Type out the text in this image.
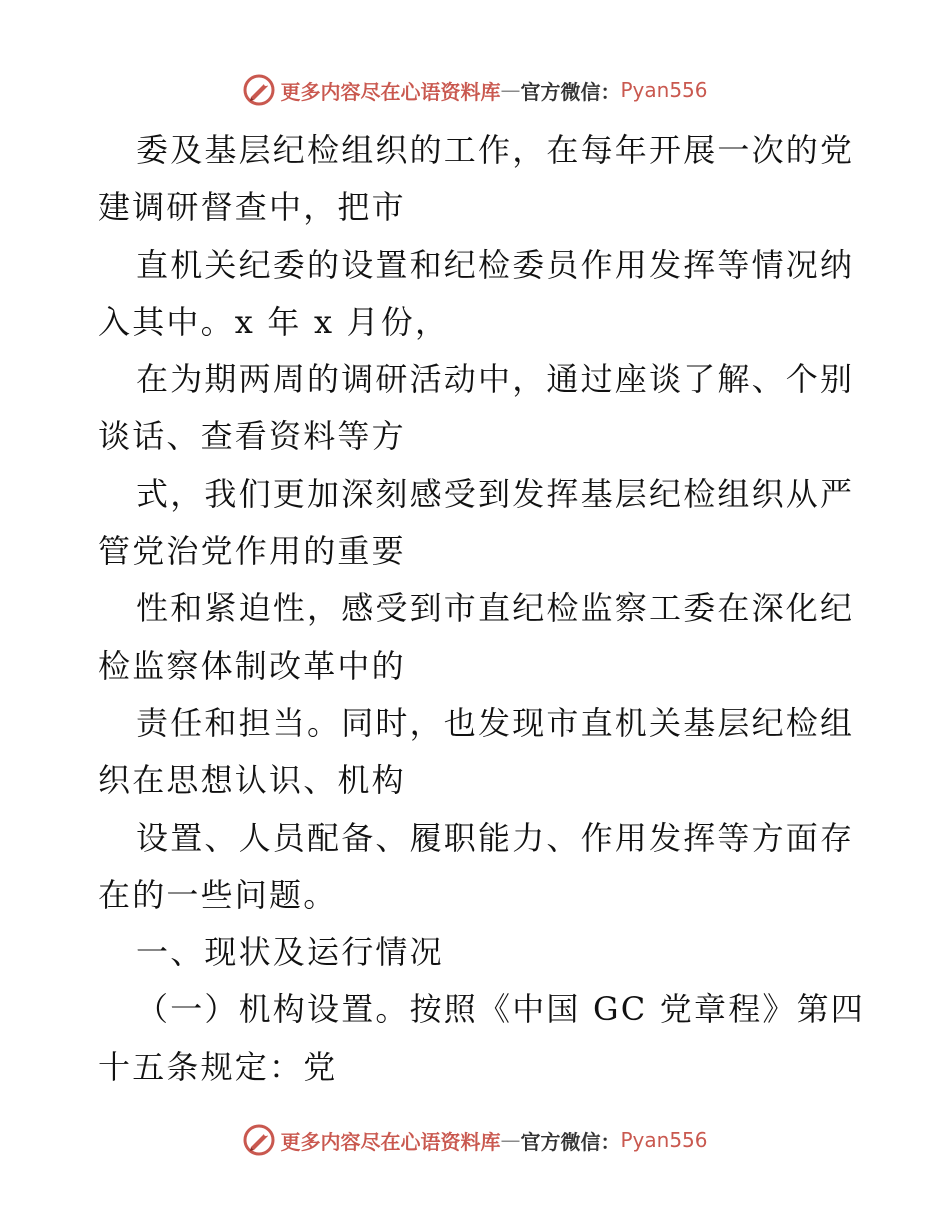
更多内容尽在心语资料库 — 官方微信： Pyan556
委及基层纪检组织的工作，在每年开展一次的党
建调研督查中，把市
直机关纪委的设置和纪检委员作用发挥等情况纳
入其中。x 年 x 月份，
在为期两周的调研活动中，通过座谈了解、个别
谈话、查看资料等方
式，我们更加深刻感受到发挥基层纪检组织从严
管党治党作用的重要
性和紧迫性，感受到市直纪检监察工委在深化纪
检监察体制改革中的
责任和担当。同时，也发现市直机关基层纪检组
织在思想认识、机构
设置、人员配备、履职能力、作用发挥等方面存
在的一些问题。
一、现状及运行情况
（一）机构设置。按照《中国 GC 党章程》第四
十五条规定：党
更多内容尽在心语资料库 — 官方微信： Pyan556
